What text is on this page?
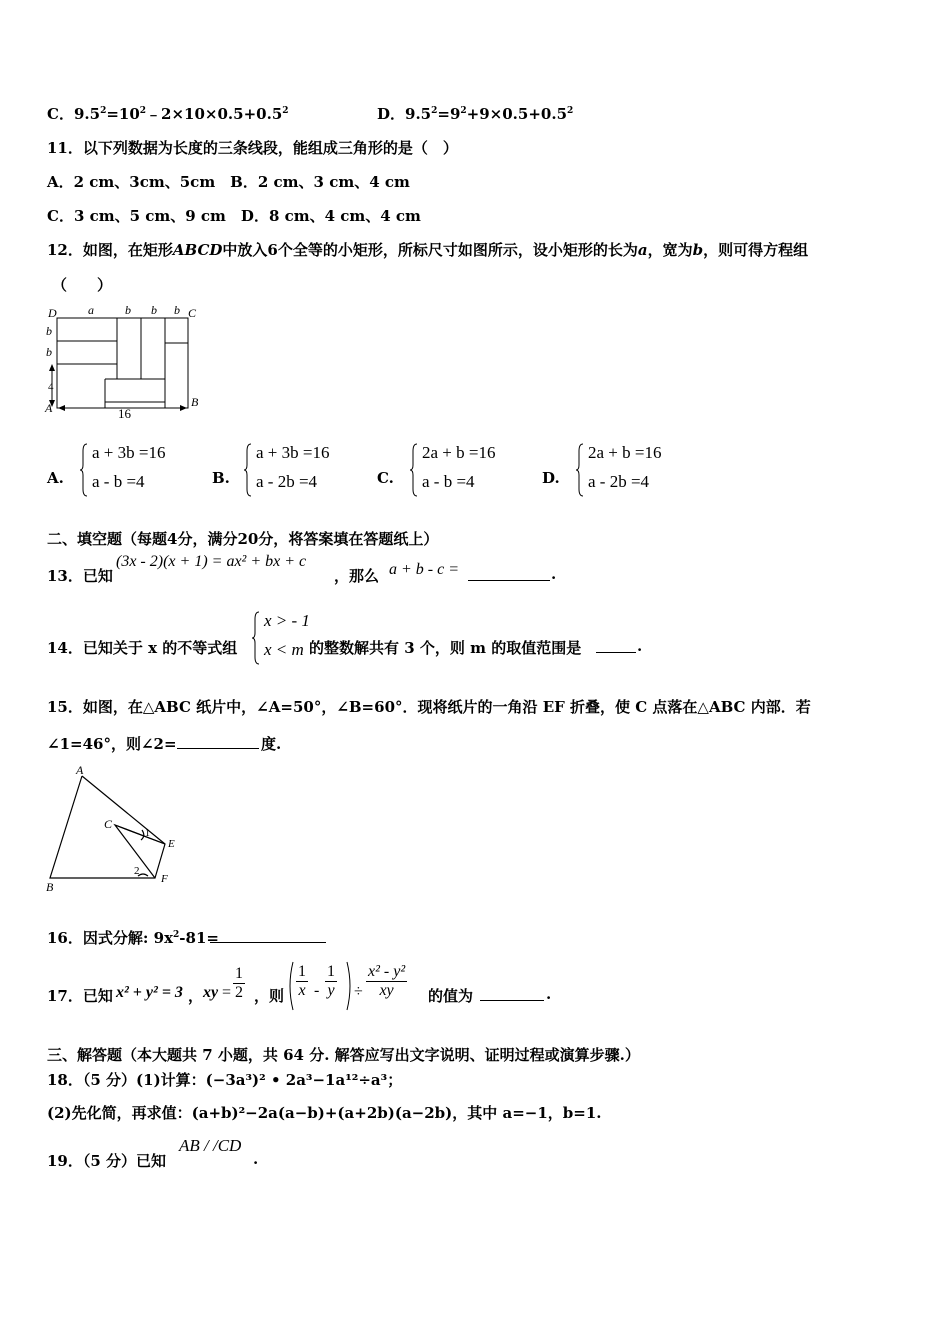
C．$9.5^2=10^2﹣2\times 10\times 0.5+0.5^2$	D．$9.5^2=9^2+9\times 0.5+0.5^2$
11．以下列数据为长度的三条线段，能组成三角形的是（　）
A．2 cm、3cm、5cm　B．2 cm、3 cm、4 cm
C．3 cm、5 cm、9 cm　D．8 cm、4 cm、4 cm
12．如图，在矩形ABCD中放入6个全等的小矩形，所标尺寸如图所示，设小矩形的长为a，宽为b，则可得方程组
（　　）
D	C
A	B
a	b b b
b
b
4
16
A.
a + 3b =16
a - b =4	B.
a + 3b =16
a - 2b =4	C.
2a + b =16
a - b =4	D.
2a + b =16
a - 2b =4
二、填空题（每题4分，满分20分，将答案填在答题纸上）
13．已知
(3x - 2)(x + 1) = ax² + bx + c
，那么 a + b - c =	.
14．已知关于 x 的不等式组
x > - 1
x < m 的整数解共有 3 个，则 m 的取值范围是	.
15．如图，在△ABC 纸片中，∠A=50°，∠B=60°．现将纸片的一角沿 EF 折叠，使 C 点落在△ABC 内部．若
∠1=46°，则∠2=	度.
A
B
C
E
F
1
2
16．因式分解: $9x^2-81=$
17．已知 x² + y² = 3 ， xy = $\frac{1}{2}$ ，则 $\frac{1}{x} - \frac{1}{y} \div \frac{\text{x² - y²}}{xy}$ 的值为	.
三、解答题（本大题共 7 小题，共 64 分. 解答应写出文字说明、证明过程或演算步骤.）
18．（5 分）(1)计算：(−3a³)² • 2a³−1a¹²÷a³；
(2)先化简，再求值：(a+b)²−2a(a−b)+(a+2b)(a−2b)，其中 a=−1，b=1.
19．（5 分）已知
AB / /CD
.
